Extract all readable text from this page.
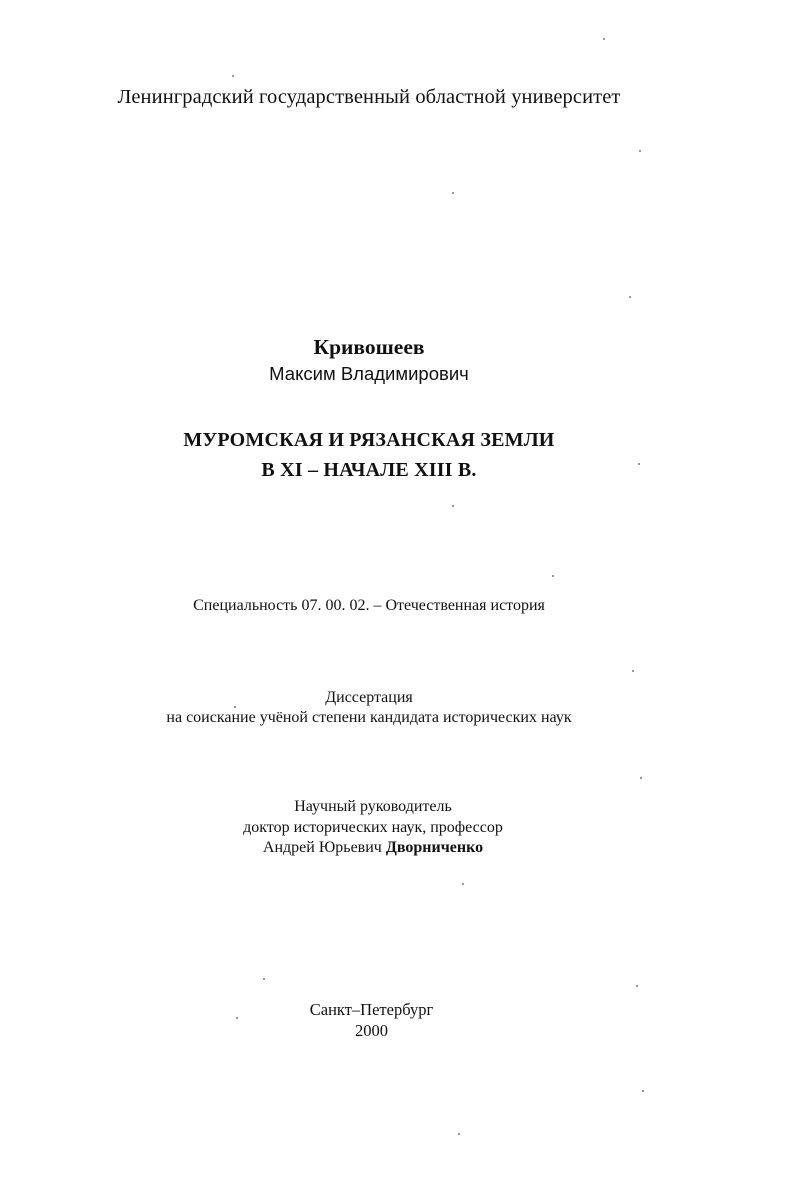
Ленинградский государственный областной университет
Кривошеев
Максим Владимирович
МУРОМСКАЯ И РЯЗАНСКАЯ ЗЕМЛИ
В XI – НАЧАЛЕ XIII В.
Специальность 07. 00. 02. – Отечественная история
Диссертация
на соискание учёной степени кандидата исторических наук
Научный руководитель
доктор исторических наук, профессор
Андрей Юрьевич Дворниченко
Санкт–Петербург
2000
